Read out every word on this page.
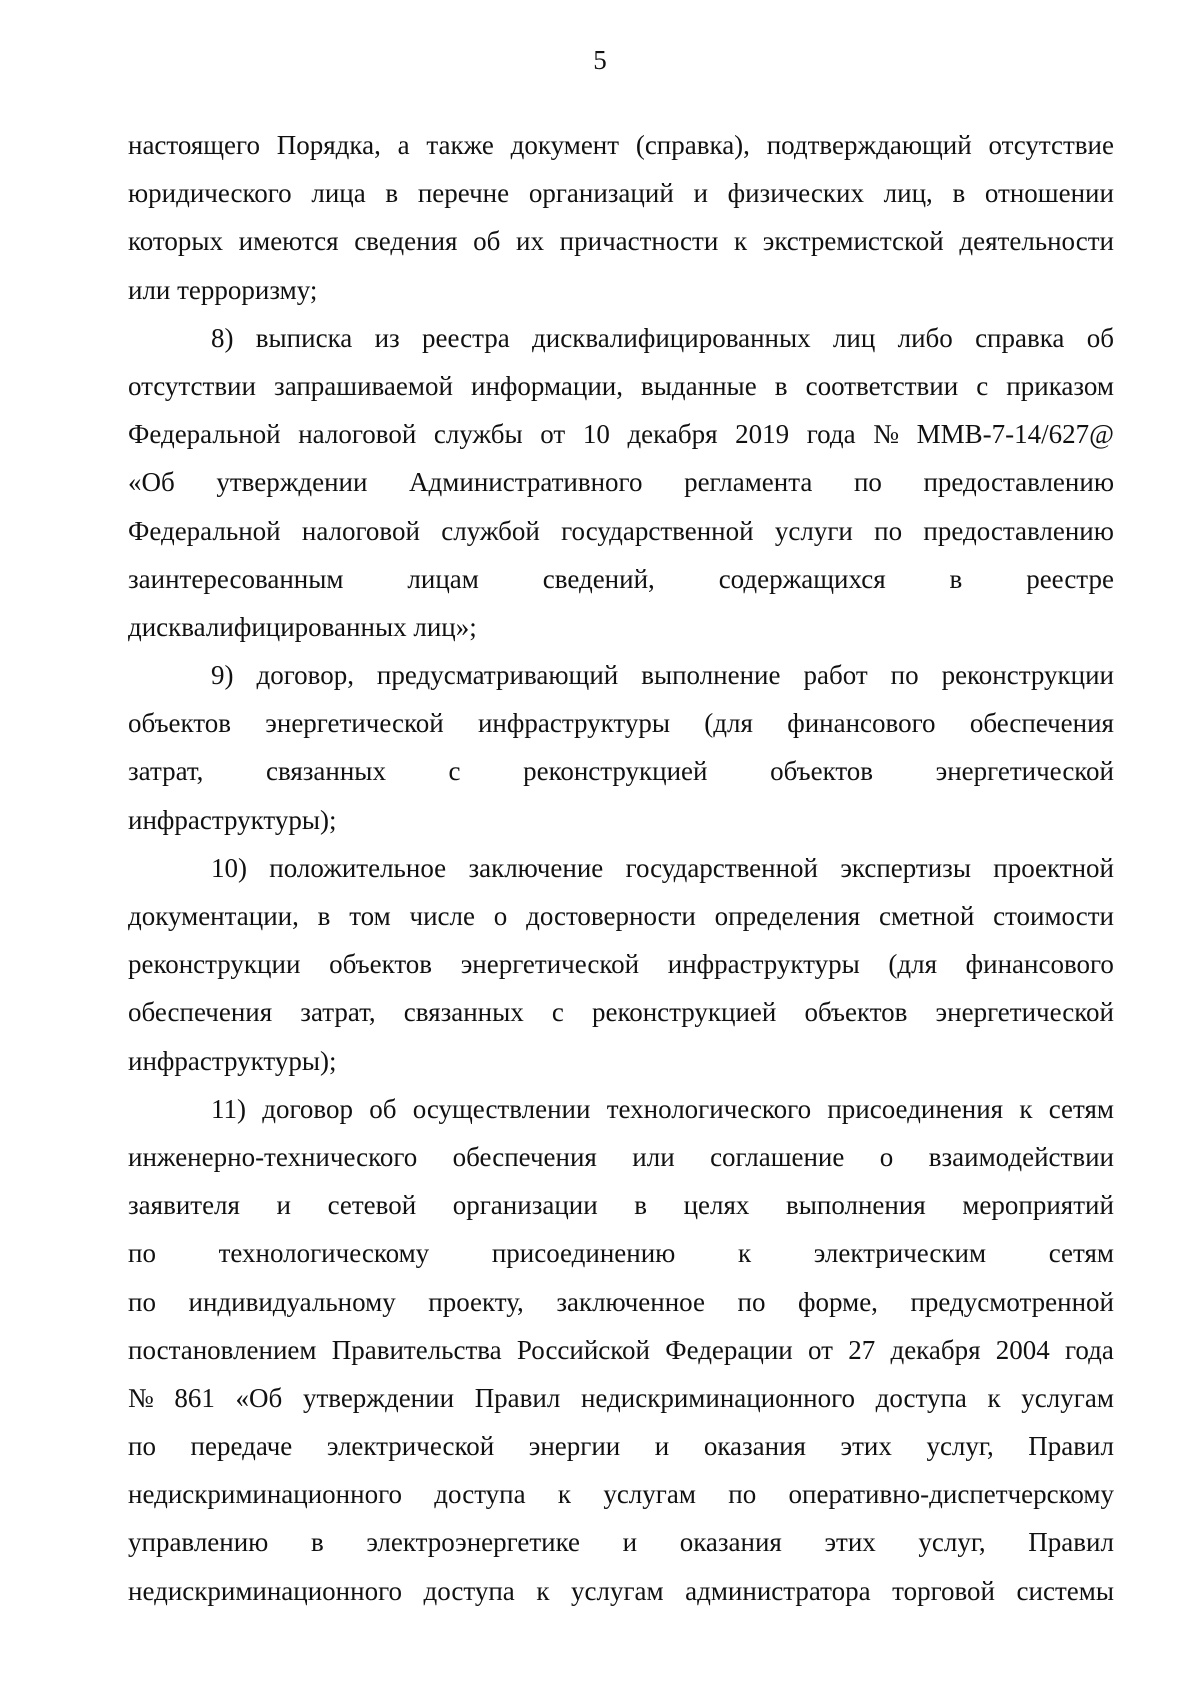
5
настоящего Порядка, а также документ (справка), подтверждающий отсутствие
юридического лица в перечне организаций и физических лиц, в отношении
которых имеются сведения об их причастности к экстремистской деятельности
или терроризму;
8) выписка из реестра дисквалифицированных лиц либо справка об
отсутствии запрашиваемой информации, выданные в соответствии с приказом
Федеральной налоговой службы от 10 декабря 2019 года № ММВ-7-14/627@
«Об утверждении Административного регламента по предоставлению
Федеральной налоговой службой государственной услуги по предоставлению
заинтересованным лицам сведений, содержащихся в реестре
дисквалифицированных лиц»;
9) договор, предусматривающий выполнение работ по реконструкции
объектов энергетической инфраструктуры (для финансового обеспечения
затрат, связанных с реконструкцией объектов энергетической
инфраструктуры);
10) положительное заключение государственной экспертизы проектной
документации, в том числе о достоверности определения сметной стоимости
реконструкции объектов энергетической инфраструктуры (для финансового
обеспечения затрат, связанных с реконструкцией объектов энергетической
инфраструктуры);
11) договор об осуществлении технологического присоединения к сетям
инженерно-технического обеспечения или соглашение о взаимодействии
заявителя и сетевой организации в целях выполнения мероприятий
по технологическому присоединению к электрическим сетям
по индивидуальному проекту, заключенное по форме, предусмотренной
постановлением Правительства Российской Федерации от 27 декабря 2004 года
№ 861 «Об утверждении Правил недискриминационного доступа к услугам
по передаче электрической энергии и оказания этих услуг, Правил
недискриминационного доступа к услугам по оперативно-диспетчерскому
управлению в электроэнергетике и оказания этих услуг, Правил
недискриминационного доступа к услугам администратора торговой системы
